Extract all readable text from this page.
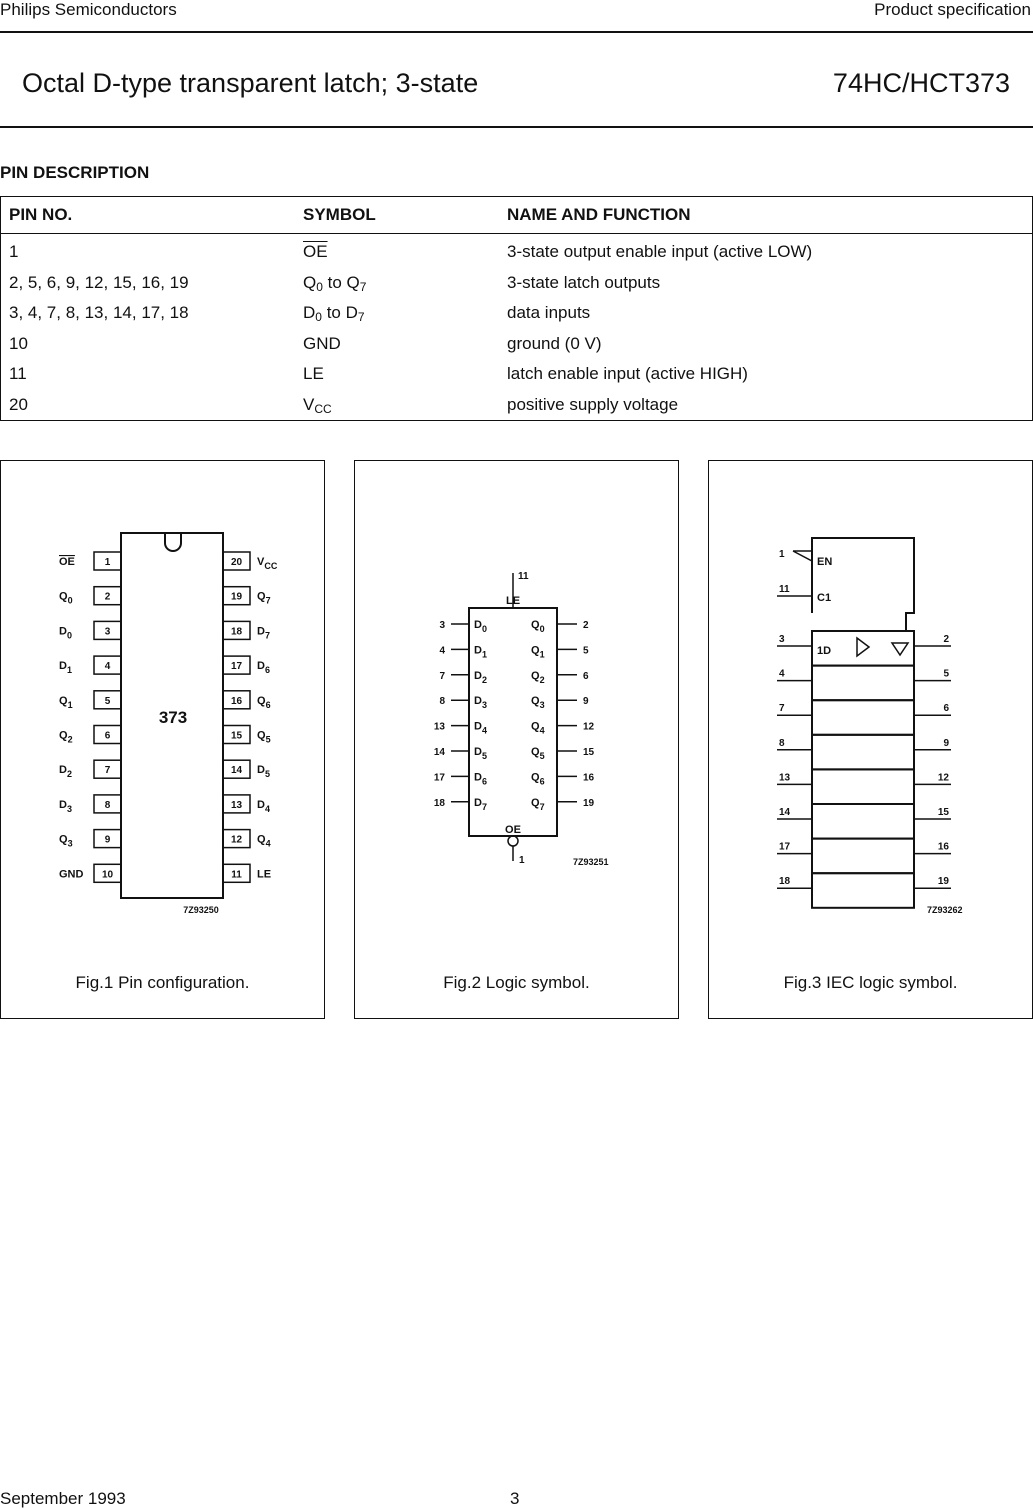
Philips Semiconductors	Product specification
Octal D-type transparent latch; 3-state	74HC/HCT373
PIN DESCRIPTION
PIN NO.	SYMBOL	NAME AND FUNCTION
1	$\overline{OE}$	3-state output enable input (active LOW)
2, 5, 6, 9, 12, 15, 16, 19	$Q_0$ to $Q_7$	3-state latch outputs
3, 4, 7, 8, 13, 14, 17, 18	$D_0$ to $D_7$	data inputs
10	GND	ground (0 V)
11	LE	latch enable input (active HIGH)
20	$V_{CC}$	positive supply voltage
373
7Z93250
1
OE
2
$Q_0$
3
$D_0$
4
$D_1$
5
$Q_1$
6
$Q_2$
7
$D_2$
8
$D_3$
9
$Q_3$
10
GND
20 $V_{CC}$
19 $Q_7$
18 $D_7$
17 $D_6$
16 $Q_6$
15 $Q_5$
14 $D_5$
13 $D_4$
12 $Q_4$
11 LE
Fig.1 Pin configuration.
11
LE
OE
1	7Z93251
3	2
$D_0$	$Q_0$
4	5
$D_1$	$Q_1$
7	6
$D_2$	$Q_2$
8	9
$D_3$	$Q_3$
13	12
$D_4$	$Q_4$
14	15
$D_5$	$Q_5$
17	16
$D_6$	$Q_6$
18	19
$D_7$	$Q_7$
Fig.2 Logic symbol.
1
EN
11
C1
3	2
4	5
7	6
8	9
13	12
14	15
17	16
18	19
1D
7Z93262
Fig.3 IEC logic symbol.
September 1993	3
